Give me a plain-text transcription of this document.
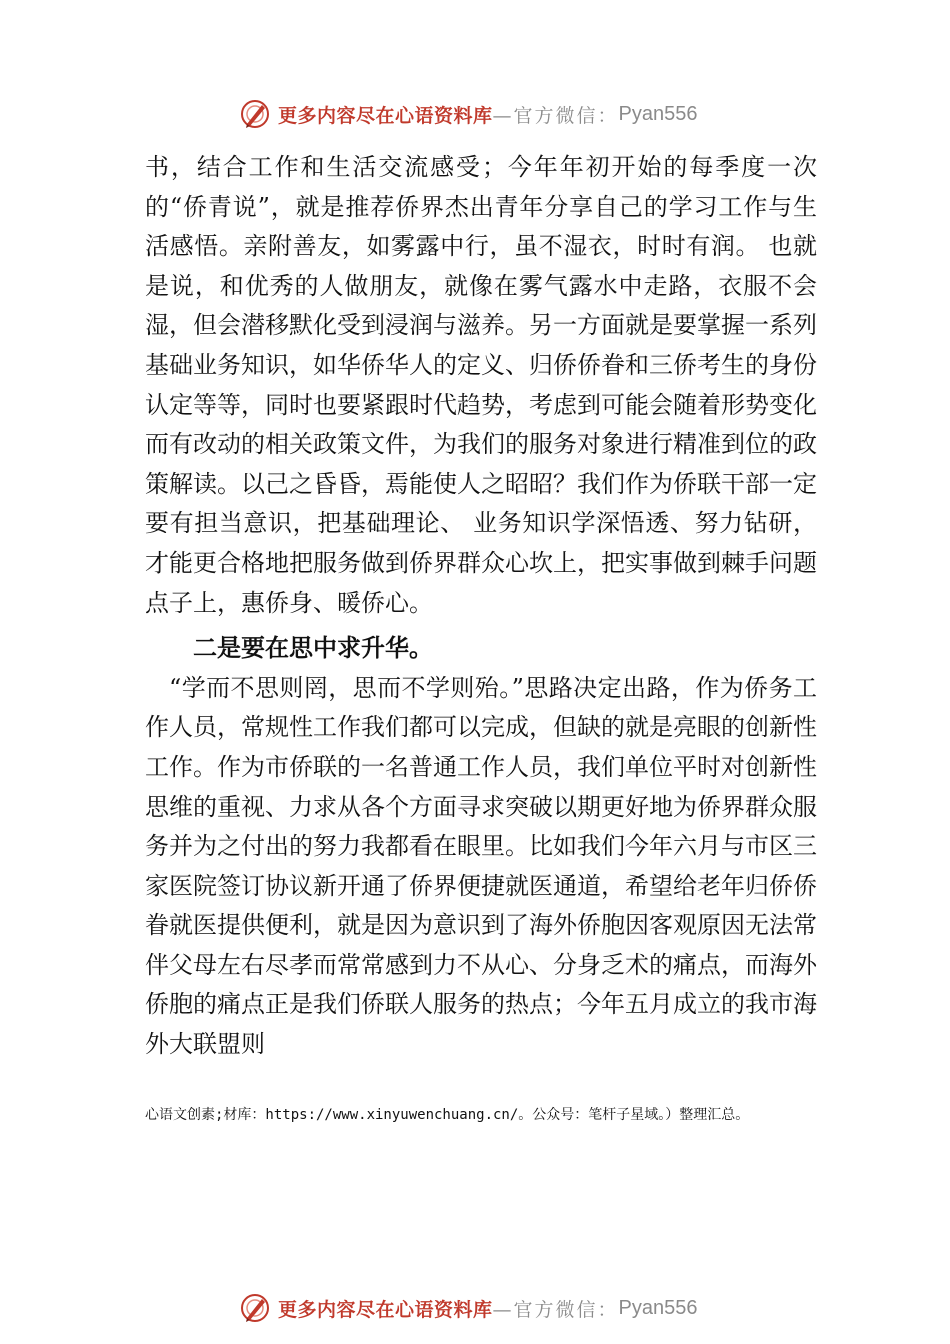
更多内容尽在心语资料库 —官方微信： Pyan556

书，结合工作和生活交流感受；今年年初开始的每季度一次的“侨青说”，就是推荐侨界杰出青年分享自己的学习工作与生活感悟。亲附善友，如雾露中行，虽不湿衣，时时有润。 也就是说，和优秀的人做朋友，就像在雾气露水中走路，衣服不会湿，但会潜移默化受到浸润与滋养。另一方面就是要掌握一系列基础业务知识，如华侨华人的定义、归侨侨眷和三侨考生的身份认定等等，同时也要紧跟时代趋势，考虑到可能会随着形势变化而有改动的相关政策文件，为我们的服务对象进行精准到位的政策解读。以己之昏昏，焉能使人之昭昭？我们作为侨联干部一定要有担当意识，把基础理论、 业务知识学深悟透、努力钻研，才能更合格地把服务做到侨界群众心坎上，把实事做到棘手问题点子上，惠侨身、暖侨心。

二是要在思中求升华。

“学而不思则罔，思而不学则殆。”思路决定出路，作为侨务工作人员，常规性工作我们都可以完成，但缺的就是亮眼的创新性工作。作为市侨联的一名普通工作人员，我们单位平时对创新性思维的重视、力求从各个方面寻求突破以期更好地为侨界群众服务并为之付出的努力我都看在眼里。比如我们今年六月与市区三家医院签订协议新开通了侨界便捷就医通道，希望给老年归侨侨眷就医提供便利，就是因为意识到了海外侨胞因客观原因无法常伴父母左右尽孝而常常感到力不从心、分身乏术的痛点，而海外侨胞的痛点正是我们侨联人服务的热点；今年五月成立的我市海外大联盟则

心语文创素;材库：https://www.xinyuwenchuang.cn/。公众号：笔杆子星域。）整理汇总。
更多内容尽在心语资料库 —官方微信： Pyan556
